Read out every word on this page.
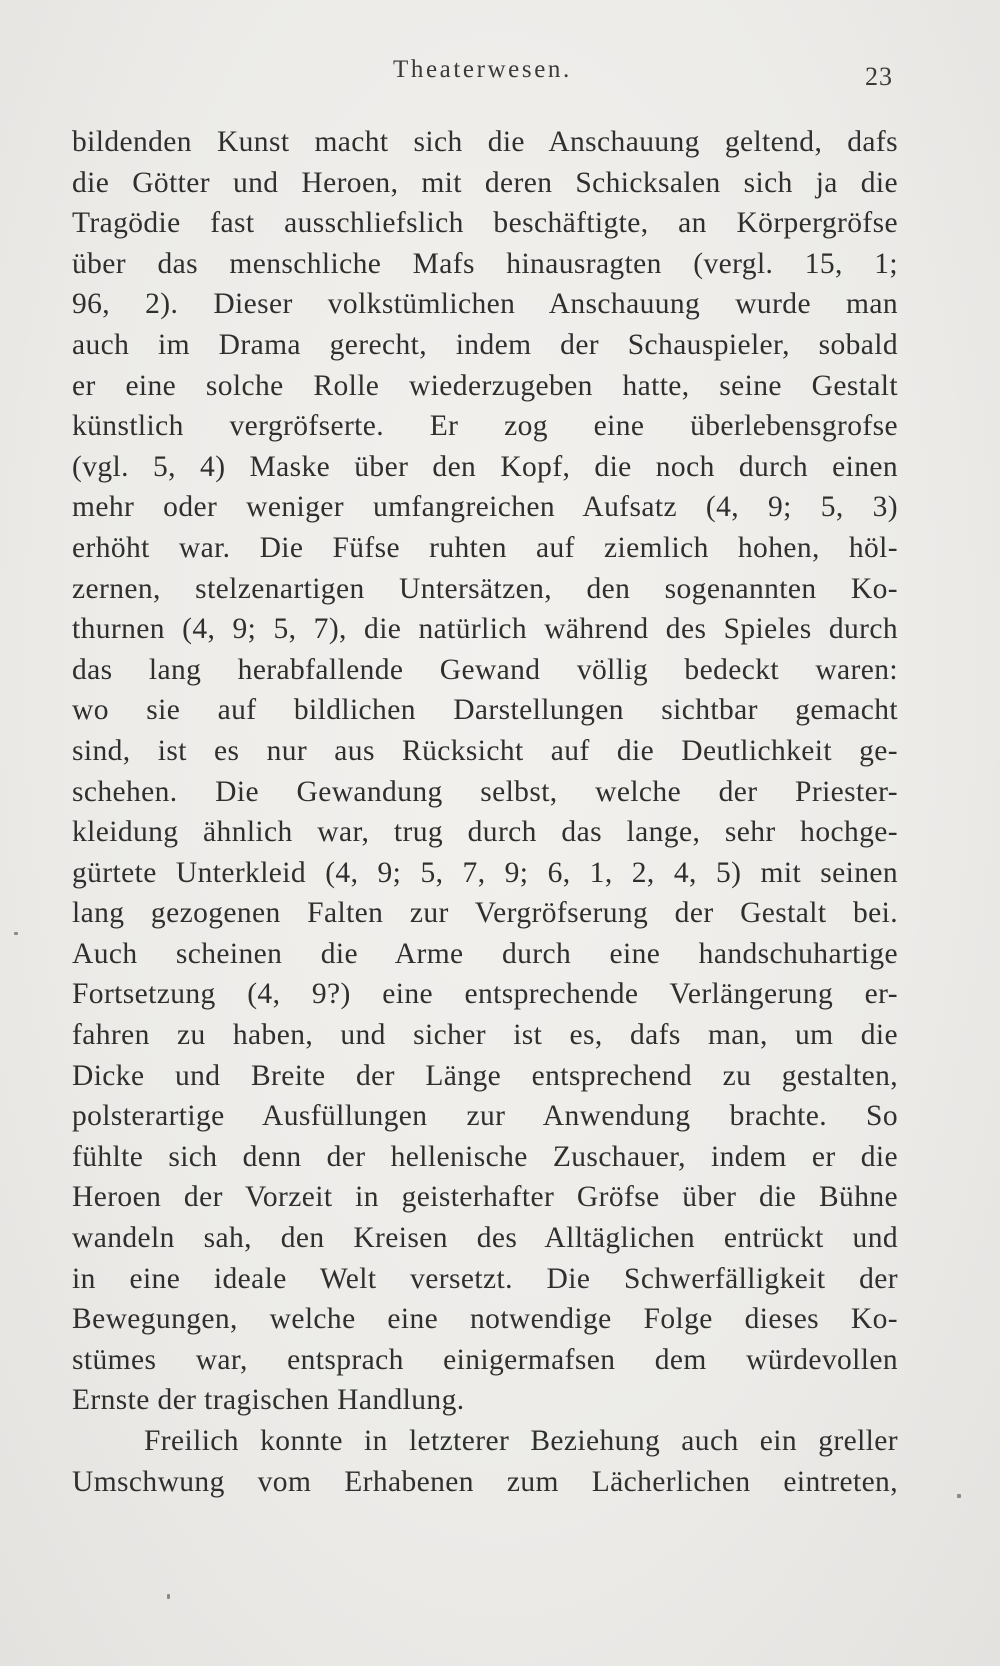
Theaterwesen.	23
bildenden Kunst macht sich die Anschauung geltend, dafs
die Götter und Heroen, mit deren Schicksalen sich ja die
Tragödie fast ausschliefslich beschäftigte, an Körpergröfse
über das menschliche Mafs hinausragten (vergl. 15, 1;
96, 2). Dieser volkstümlichen Anschauung wurde man
auch im Drama gerecht, indem der Schauspieler, sobald
er eine solche Rolle wiederzugeben hatte, seine Gestalt
künstlich vergröfserte. Er zog eine überlebensgrofse
(vgl. 5, 4) Maske über den Kopf, die noch durch einen
mehr oder weniger umfangreichen Aufsatz (4, 9; 5, 3)
erhöht war. Die Füfse ruhten auf ziemlich hohen, höl-
zernen, stelzenartigen Untersätzen, den sogenannten Ko-
thurnen (4, 9; 5, 7), die natürlich während des Spieles durch
das lang herabfallende Gewand völlig bedeckt waren:
wo sie auf bildlichen Darstellungen sichtbar gemacht
sind, ist es nur aus Rücksicht auf die Deutlichkeit ge-
schehen. Die Gewandung selbst, welche der Priester-
kleidung ähnlich war, trug durch das lange, sehr hochge-
gürtete Unterkleid (4, 9; 5, 7, 9; 6, 1, 2, 4, 5) mit seinen
lang gezogenen Falten zur Vergröfserung der Gestalt bei.
Auch scheinen die Arme durch eine handschuhartige
Fortsetzung (4, 9?) eine entsprechende Verlängerung er-
fahren zu haben, und sicher ist es, dafs man, um die
Dicke und Breite der Länge entsprechend zu gestalten,
polsterartige Ausfüllungen zur Anwendung brachte. So
fühlte sich denn der hellenische Zuschauer, indem er die
Heroen der Vorzeit in geisterhafter Gröfse über die Bühne
wandeln sah, den Kreisen des Alltäglichen entrückt und
in eine ideale Welt versetzt. Die Schwerfälligkeit der
Bewegungen, welche eine notwendige Folge dieses Ko-
stümes war, entsprach einigermafsen dem würdevollen
Ernste der tragischen Handlung.
Freilich konnte in letzterer Beziehung auch ein greller
Umschwung vom Erhabenen zum Lächerlichen eintreten,
